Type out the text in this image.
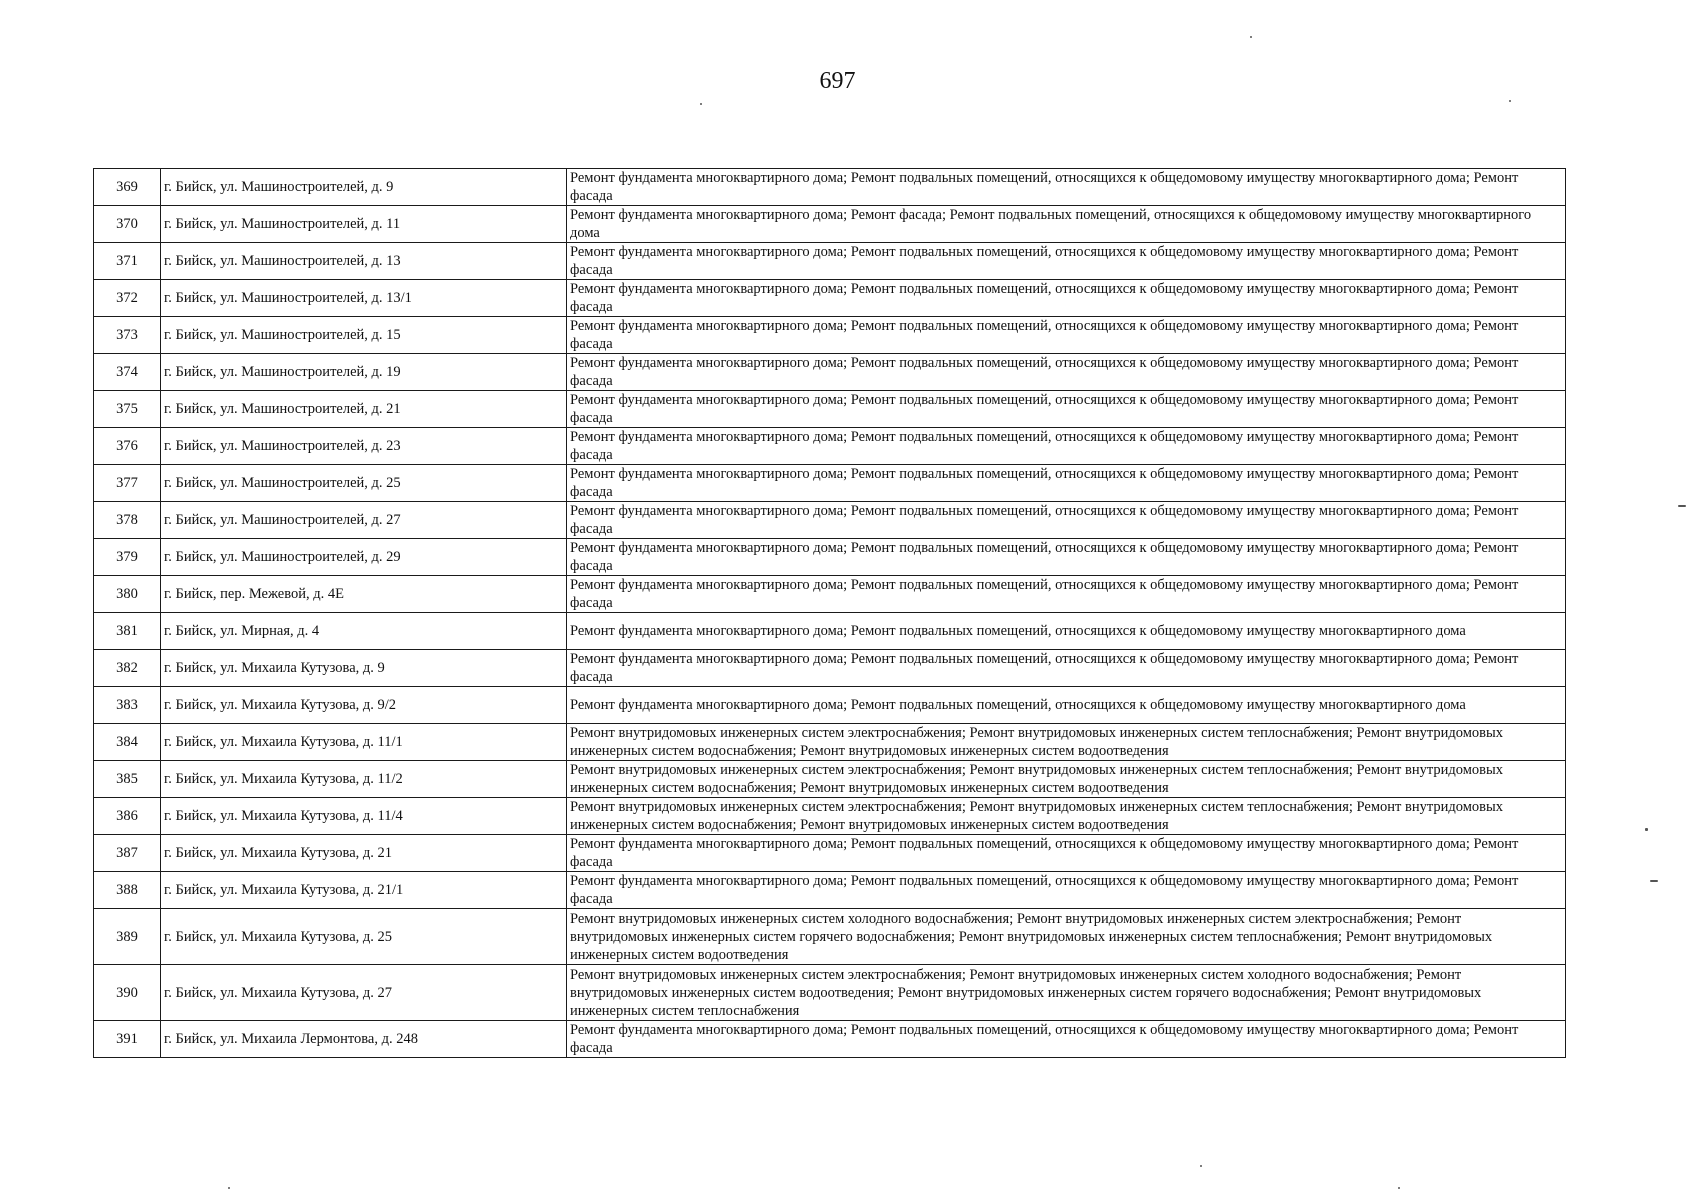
697
369	г. Бийск, ул. Машиностроителей, д. 9	Ремонт фундамента многоквартирного дома; Ремонт подвальных помещений, относящихся к общедомовому имуществу многоквартирного дома; Ремонт фасада
370	г. Бийск, ул. Машиностроителей, д. 11	Ремонт фундамента многоквартирного дома; Ремонт фасада; Ремонт подвальных помещений, относящихся к общедомовому имуществу многоквартирного дома
371	г. Бийск, ул. Машиностроителей, д. 13	Ремонт фундамента многоквартирного дома; Ремонт подвальных помещений, относящихся к общедомовому имуществу многоквартирного дома; Ремонт фасада
372	г. Бийск, ул. Машиностроителей, д. 13/1	Ремонт фундамента многоквартирного дома; Ремонт подвальных помещений, относящихся к общедомовому имуществу многоквартирного дома; Ремонт фасада
373	г. Бийск, ул. Машиностроителей, д. 15	Ремонт фундамента многоквартирного дома; Ремонт подвальных помещений, относящихся к общедомовому имуществу многоквартирного дома; Ремонт фасада
374	г. Бийск, ул. Машиностроителей, д. 19	Ремонт фундамента многоквартирного дома; Ремонт подвальных помещений, относящихся к общедомовому имуществу многоквартирного дома; Ремонт фасада
375	г. Бийск, ул. Машиностроителей, д. 21	Ремонт фундамента многоквартирного дома; Ремонт подвальных помещений, относящихся к общедомовому имуществу многоквартирного дома; Ремонт фасада
376	г. Бийск, ул. Машиностроителей, д. 23	Ремонт фундамента многоквартирного дома; Ремонт подвальных помещений, относящихся к общедомовому имуществу многоквартирного дома; Ремонт фасада
377	г. Бийск, ул. Машиностроителей, д. 25	Ремонт фундамента многоквартирного дома; Ремонт подвальных помещений, относящихся к общедомовому имуществу многоквартирного дома; Ремонт фасада
378	г. Бийск, ул. Машиностроителей, д. 27	Ремонт фундамента многоквартирного дома; Ремонт подвальных помещений, относящихся к общедомовому имуществу многоквартирного дома; Ремонт фасада
379	г. Бийск, ул. Машиностроителей, д. 29	Ремонт фундамента многоквартирного дома; Ремонт подвальных помещений, относящихся к общедомовому имуществу многоквартирного дома; Ремонт фасада
380	г. Бийск, пер. Межевой, д. 4Е	Ремонт фундамента многоквартирного дома; Ремонт подвальных помещений, относящихся к общедомовому имуществу многоквартирного дома; Ремонт фасада
381	г. Бийск, ул. Мирная, д. 4	Ремонт фундамента многоквартирного дома; Ремонт подвальных помещений, относящихся к общедомовому имуществу многоквартирного дома
382	г. Бийск, ул. Михаила Кутузова, д. 9	Ремонт фундамента многоквартирного дома; Ремонт подвальных помещений, относящихся к общедомовому имуществу многоквартирного дома; Ремонт фасада
383	г. Бийск, ул. Михаила Кутузова, д. 9/2	Ремонт фундамента многоквартирного дома; Ремонт подвальных помещений, относящихся к общедомовому имуществу многоквартирного дома
384	г. Бийск, ул. Михаила Кутузова, д. 11/1	Ремонт внутридомовых инженерных систем электроснабжения; Ремонт внутридомовых инженерных систем теплоснабжения; Ремонт внутридомовых инженерных систем водоснабжения; Ремонт внутридомовых инженерных систем водоотведения
385	г. Бийск, ул. Михаила Кутузова, д. 11/2	Ремонт внутридомовых инженерных систем электроснабжения; Ремонт внутридомовых инженерных систем теплоснабжения; Ремонт внутридомовых инженерных систем водоснабжения; Ремонт внутридомовых инженерных систем водоотведения
386	г. Бийск, ул. Михаила Кутузова, д. 11/4	Ремонт внутридомовых инженерных систем электроснабжения; Ремонт внутридомовых инженерных систем теплоснабжения; Ремонт внутридомовых инженерных систем водоснабжения; Ремонт внутридомовых инженерных систем водоотведения
387	г. Бийск, ул. Михаила Кутузова, д. 21	Ремонт фундамента многоквартирного дома; Ремонт подвальных помещений, относящихся к общедомовому имуществу многоквартирного дома; Ремонт фасада
388	г. Бийск, ул. Михаила Кутузова, д. 21/1	Ремонт фундамента многоквартирного дома; Ремонт подвальных помещений, относящихся к общедомовому имуществу многоквартирного дома; Ремонт фасада
389	г. Бийск, ул. Михаила Кутузова, д. 25	Ремонт внутридомовых инженерных систем холодного водоснабжения; Ремонт внутридомовых инженерных систем электроснабжения; Ремонт внутридомовых инженерных систем горячего водоснабжения; Ремонт внутридомовых инженерных систем теплоснабжения; Ремонт внутридомовых инженерных систем водоотведения
390	г. Бийск, ул. Михаила Кутузова, д. 27	Ремонт внутридомовых инженерных систем электроснабжения; Ремонт внутридомовых инженерных систем холодного водоснабжения; Ремонт внутридомовых инженерных систем водоотведения; Ремонт внутридомовых инженерных систем горячего водоснабжения; Ремонт внутридомовых инженерных систем теплоснабжения
391	г. Бийск, ул. Михаила Лермонтова, д. 248	Ремонт фундамента многоквартирного дома; Ремонт подвальных помещений, относящихся к общедомовому имуществу многоквартирного дома; Ремонт фасада
